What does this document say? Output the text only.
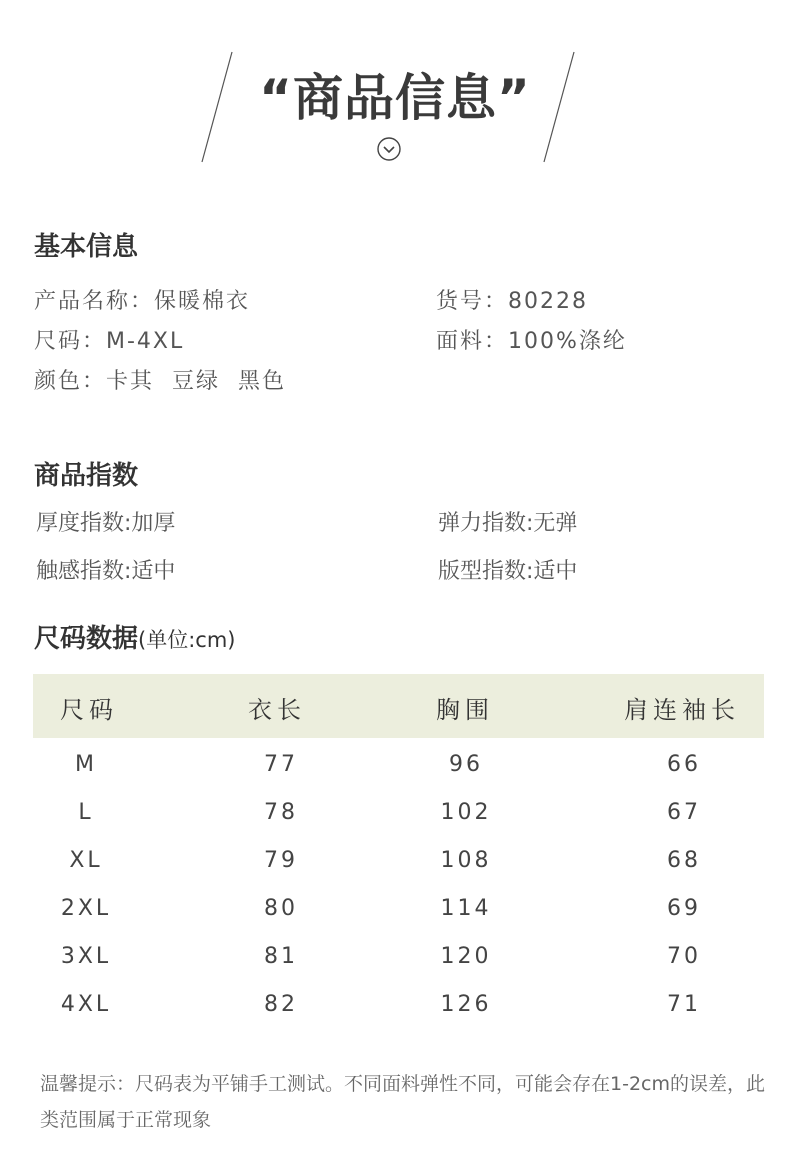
“商品信息”
基本信息
产品名称：保暖棉衣	货号：80228
尺码：M-4XL	面料：100%涤纶
颜色：卡其  豆绿  黑色
商品指数
厚度指数:加厚	弹力指数:无弹
触感指数:适中	版型指数:适中
尺码数据(单位:cm)
尺码	衣长	胸围	肩连袖长
M	77	96	66
L	78	102	67
XL	79	108	68
2XL	80	114	69
3XL	81	120	70
4XL	82	126	71
温馨提示：尺码表为平铺手工测试。不同面料弹性不同，可能会存在1-2cm的误差，此类范围属于正常现象
